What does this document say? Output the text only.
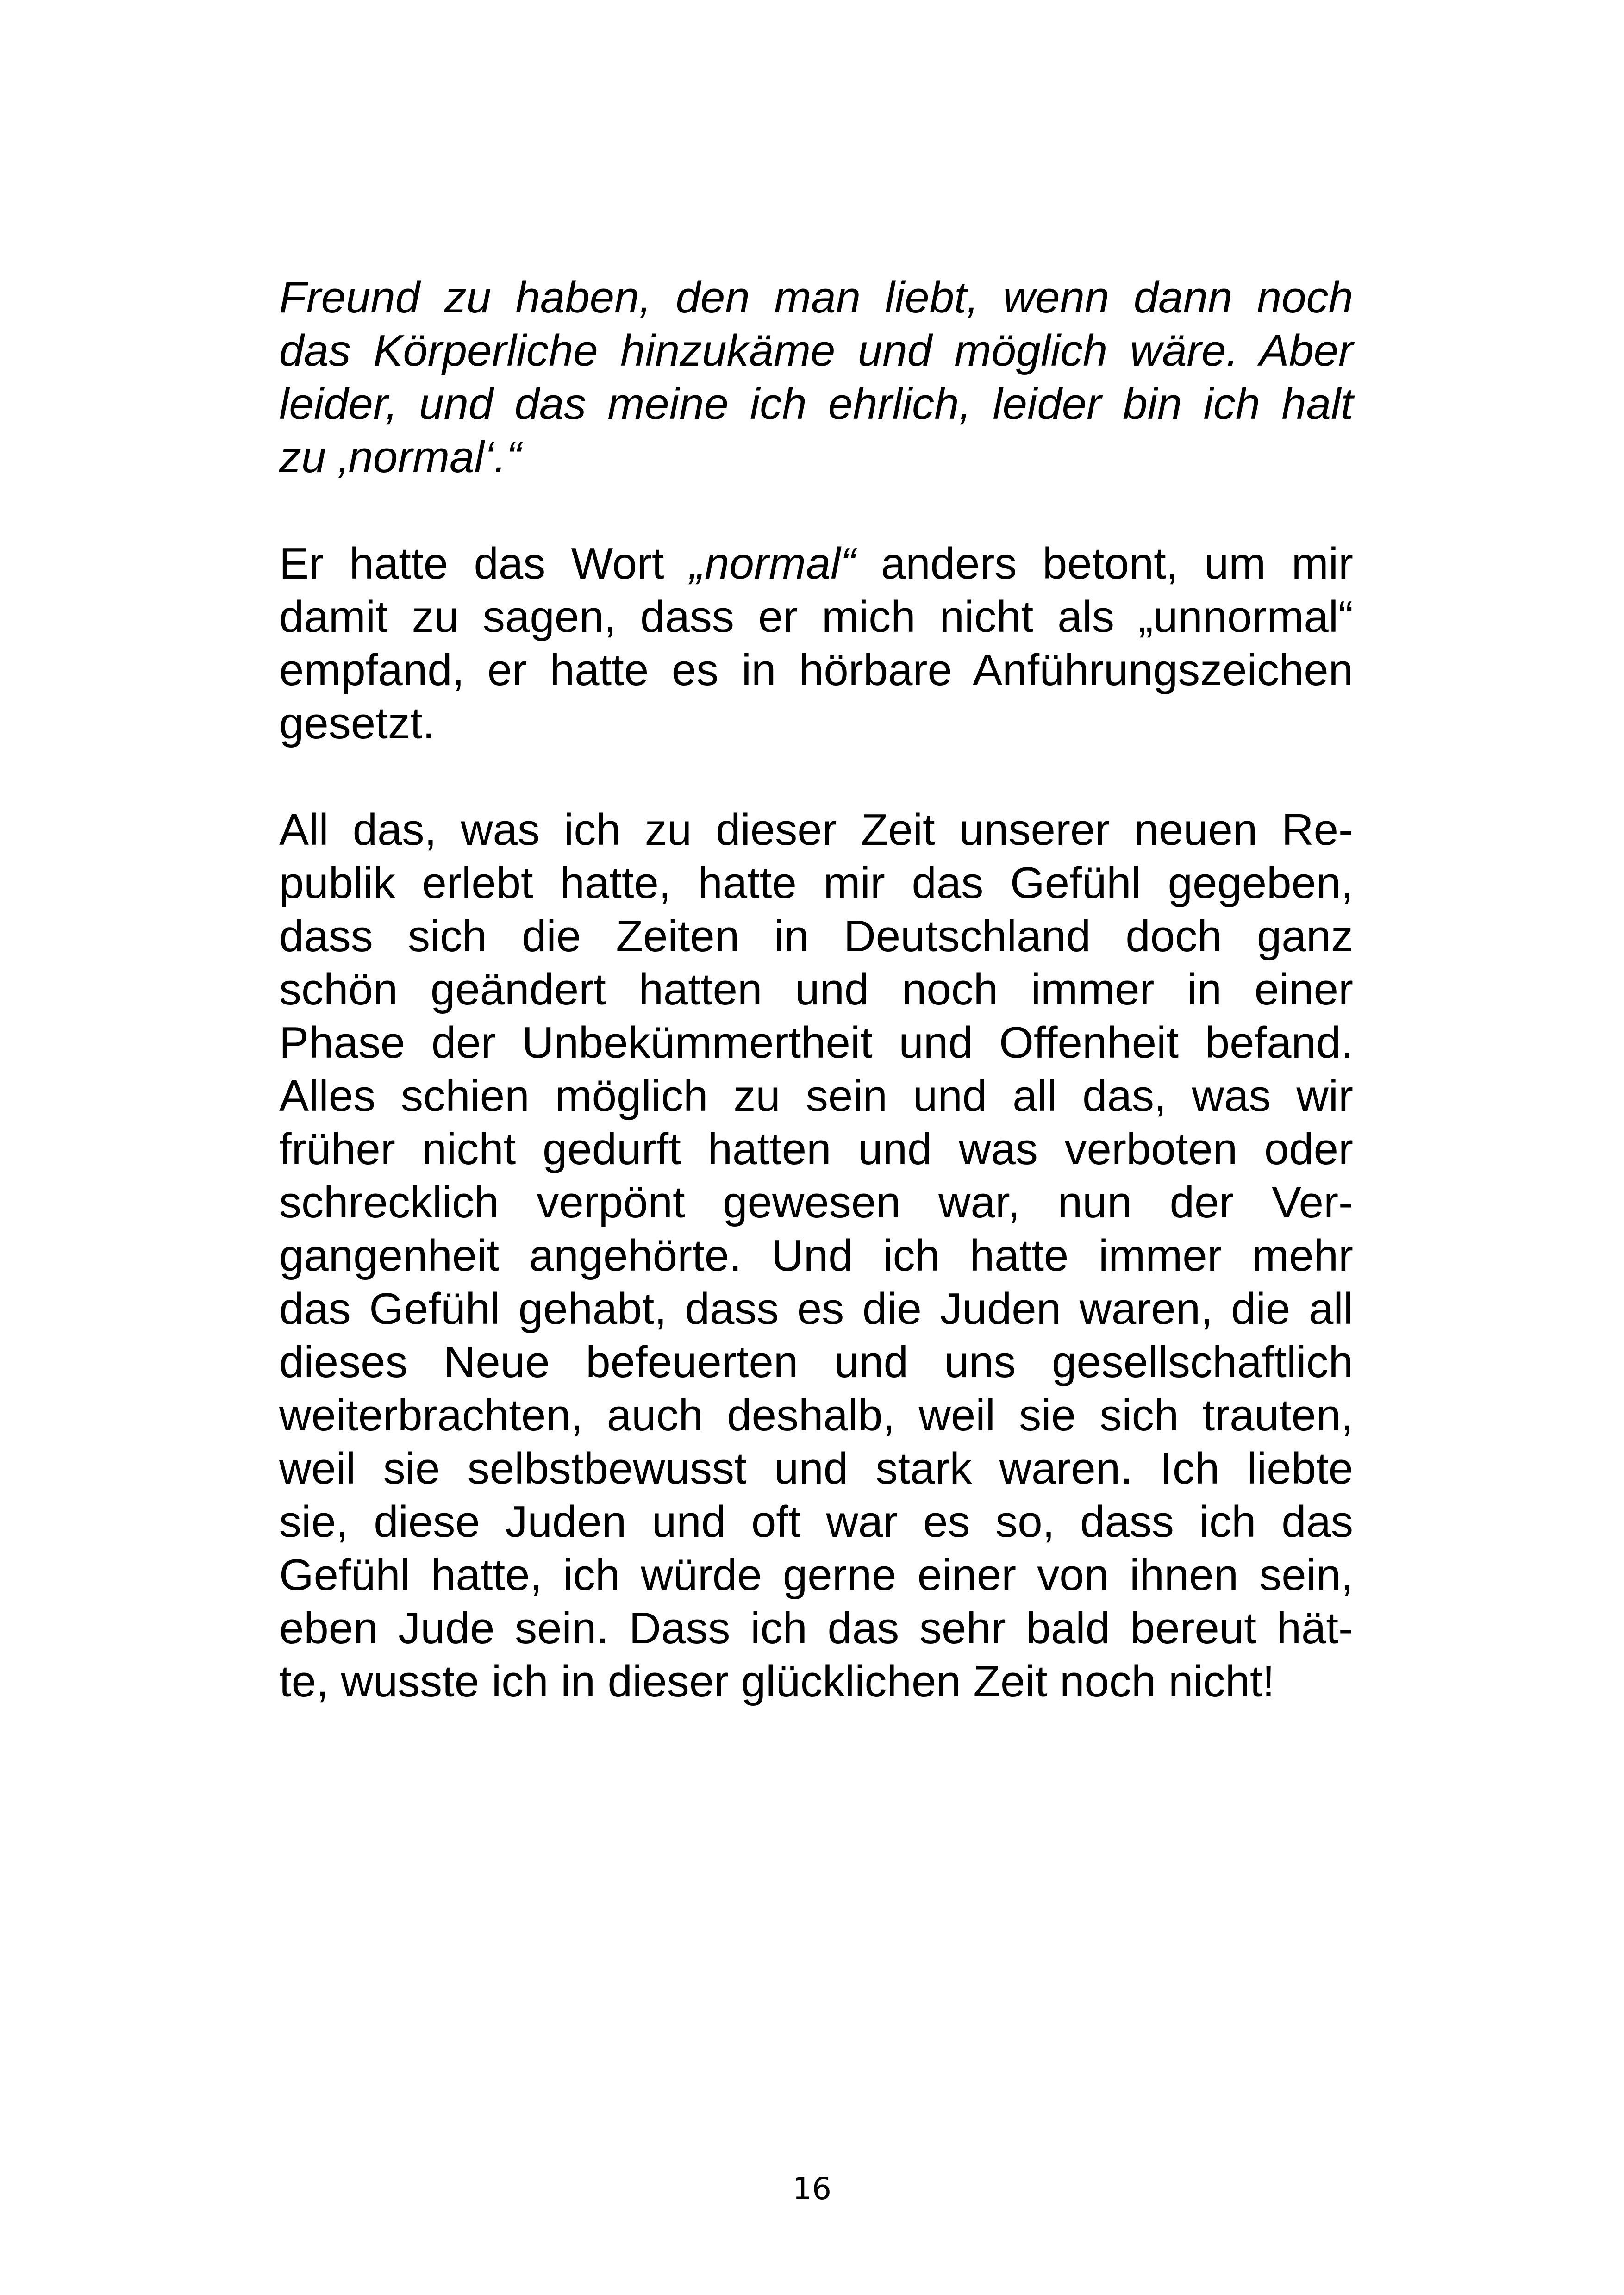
Freund zu haben, den man liebt, wenn dann noch
das Körperliche hinzukäme und möglich wäre. Aber
leider, und das meine ich ehrlich, leider bin ich halt
zu ‚normal‘.“
Er hatte das Wort „normal“ anders betont, um mir
damit zu sagen, dass er mich nicht als „unnormal“
empfand, er hatte es in hörbare Anführungszeichen
gesetzt.
All das, was ich zu dieser Zeit unserer neuen Re-
publik erlebt hatte, hatte mir das Gefühl gegeben,
dass sich die Zeiten in Deutschland doch ganz
schön geändert hatten und noch immer in einer
Phase der Unbekümmertheit und Offenheit befand.
Alles schien möglich zu sein und all das, was wir
früher nicht gedurft hatten und was verboten oder
schrecklich verpönt gewesen war, nun der Ver-
gangenheit angehörte. Und ich hatte immer mehr
das Gefühl gehabt, dass es die Juden waren, die all
dieses Neue befeuerten und uns gesellschaftlich
weiterbrachten, auch deshalb, weil sie sich trauten,
weil sie selbstbewusst und stark waren. Ich liebte
sie, diese Juden und oft war es so, dass ich das
Gefühl hatte, ich würde gerne einer von ihnen sein,
eben Jude sein. Dass ich das sehr bald bereut hät-
te, wusste ich in dieser glücklichen Zeit noch nicht!
16
